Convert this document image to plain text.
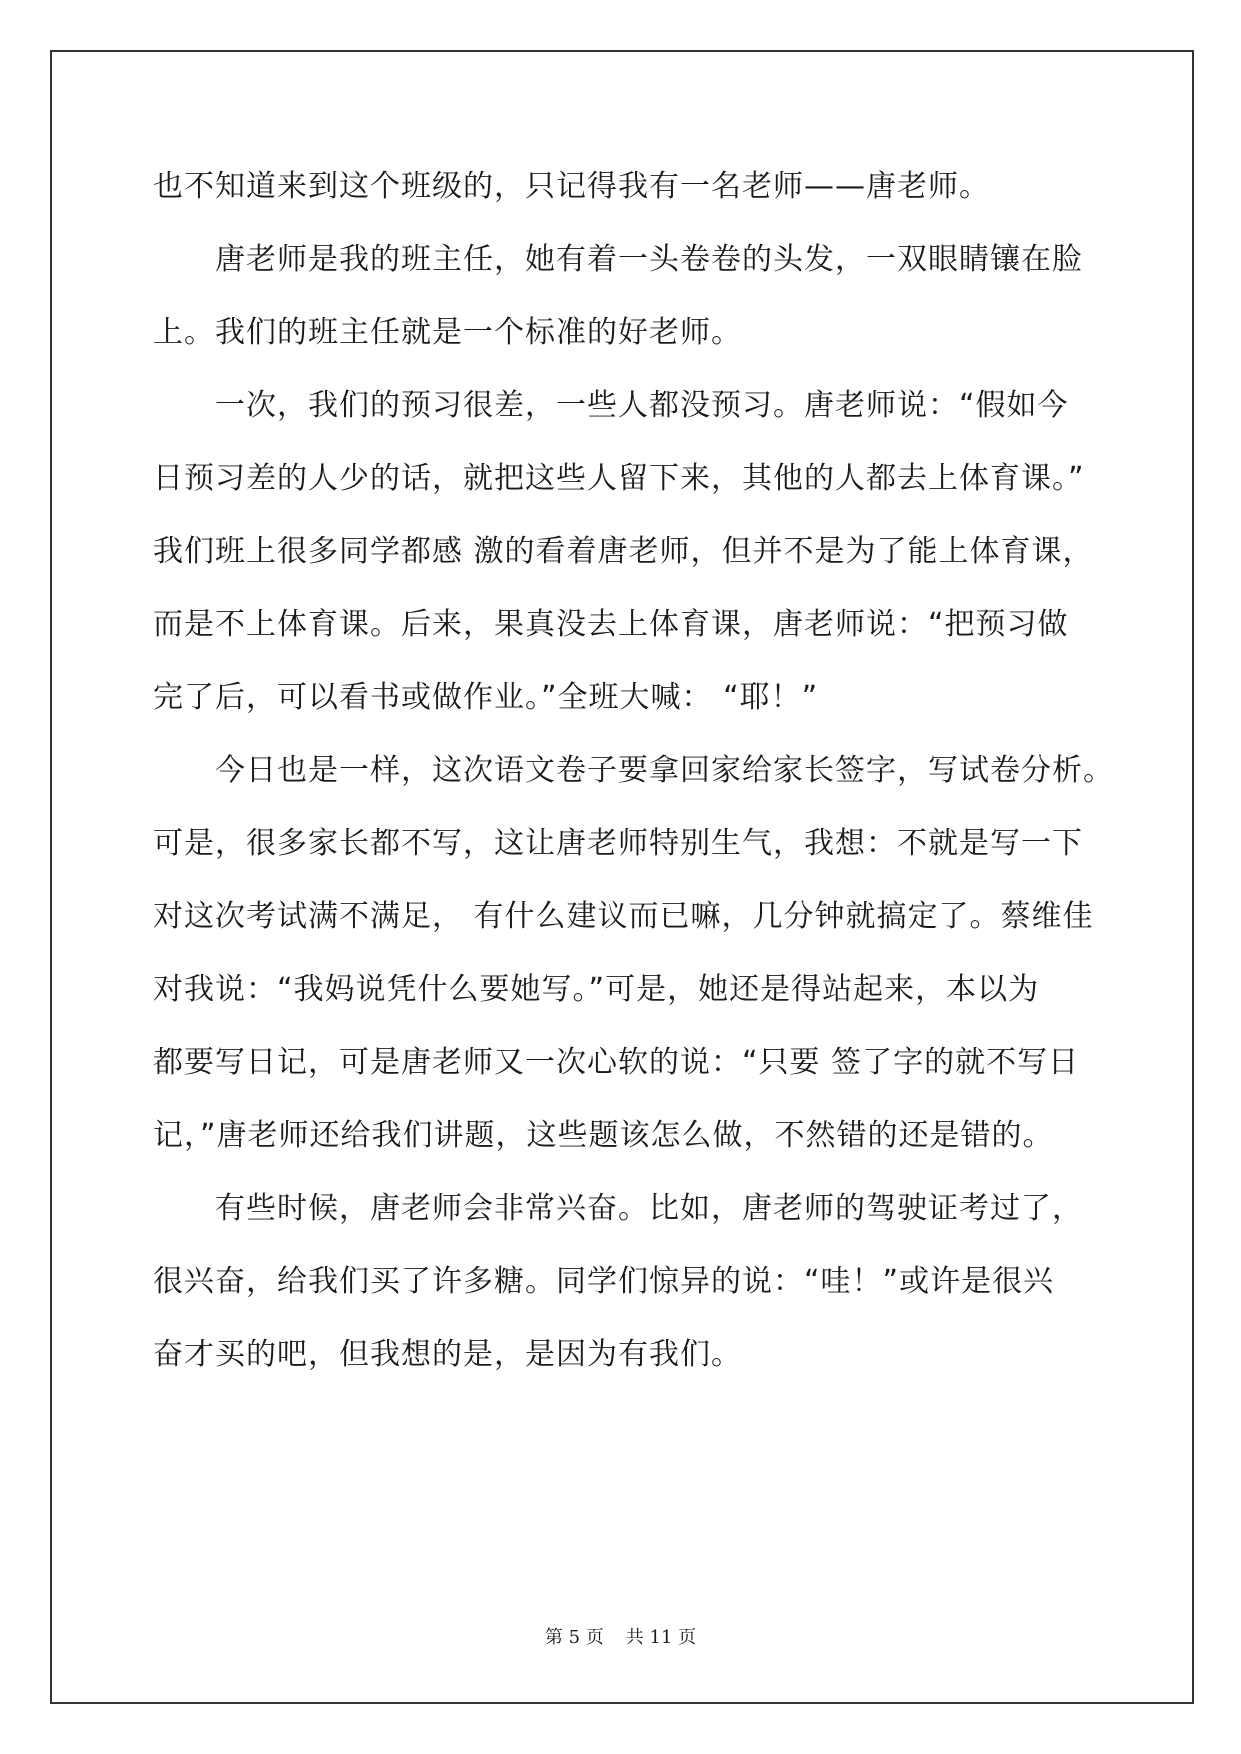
也不知道来到这个班级的，只记得我有一名老师——唐老师。
唐老师是我的班主任，她有着一头卷卷的头发，一双眼睛镶在脸
上。我们的班主任就是一个标准的好老师。
一次，我们的预习很差，一些人都没预习。唐老师说：“假如今
日预习差的人少的话，就把这些人留下来，其他的人都去上体育课。”
我们班上很多同学都感 激的看着唐老师，但并不是为了能上体育课，
而是不上体育课。后来，果真没去上体育课，唐老师说：“把预习做
完了后，可以看书或做作业。”全班大喊： “耶！”
今日也是一样，这次语文卷子要拿回家给家长签字，写试卷分析。
可是，很多家长都不写，这让唐老师特别生气，我想：不就是写一下
对这次考试满不满足， 有什么建议而已嘛，几分钟就搞定了。蔡维佳
对我说：“我妈说凭什么要她写。”可是，她还是得站起来，本以为
都要写日记，可是唐老师又一次心软的说：“只要 签了字的就不写日
记，”唐老师还给我们讲题，这些题该怎么做，不然错的还是错的。
有些时候，唐老师会非常兴奋。比如，唐老师的驾驶证考过了，
很兴奋，给我们买了许多糖。同学们惊异的说：“哇！”或许是很兴
奋才买的吧，但我想的是，是因为有我们。
第 5 页 共 11 页
